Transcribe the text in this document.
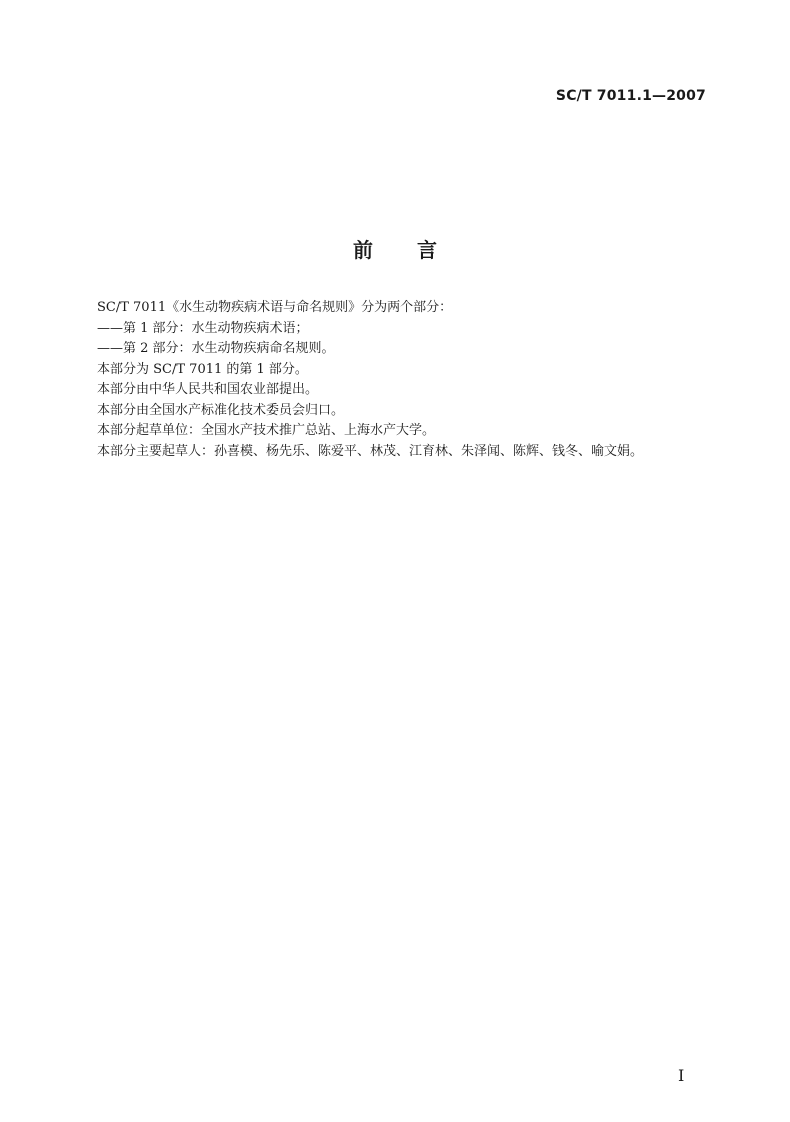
SC/T 7011.1—2007
前 言

SC/T 7011《水生动物疾病术语与命名规则》分为两个部分：

——第 1 部分：水生动物疾病术语；

——第 2 部分：水生动物疾病命名规则。

本部分为 SC/T 7011 的第 1 部分。

本部分由中华人民共和国农业部提出。

本部分由全国水产标准化技术委员会归口。

本部分起草单位：全国水产技术推广总站、上海水产大学。

本部分主要起草人：孙喜模、杨先乐、陈爱平、林茂、江育林、朱泽闻、陈辉、钱冬、喻文娟。

I
